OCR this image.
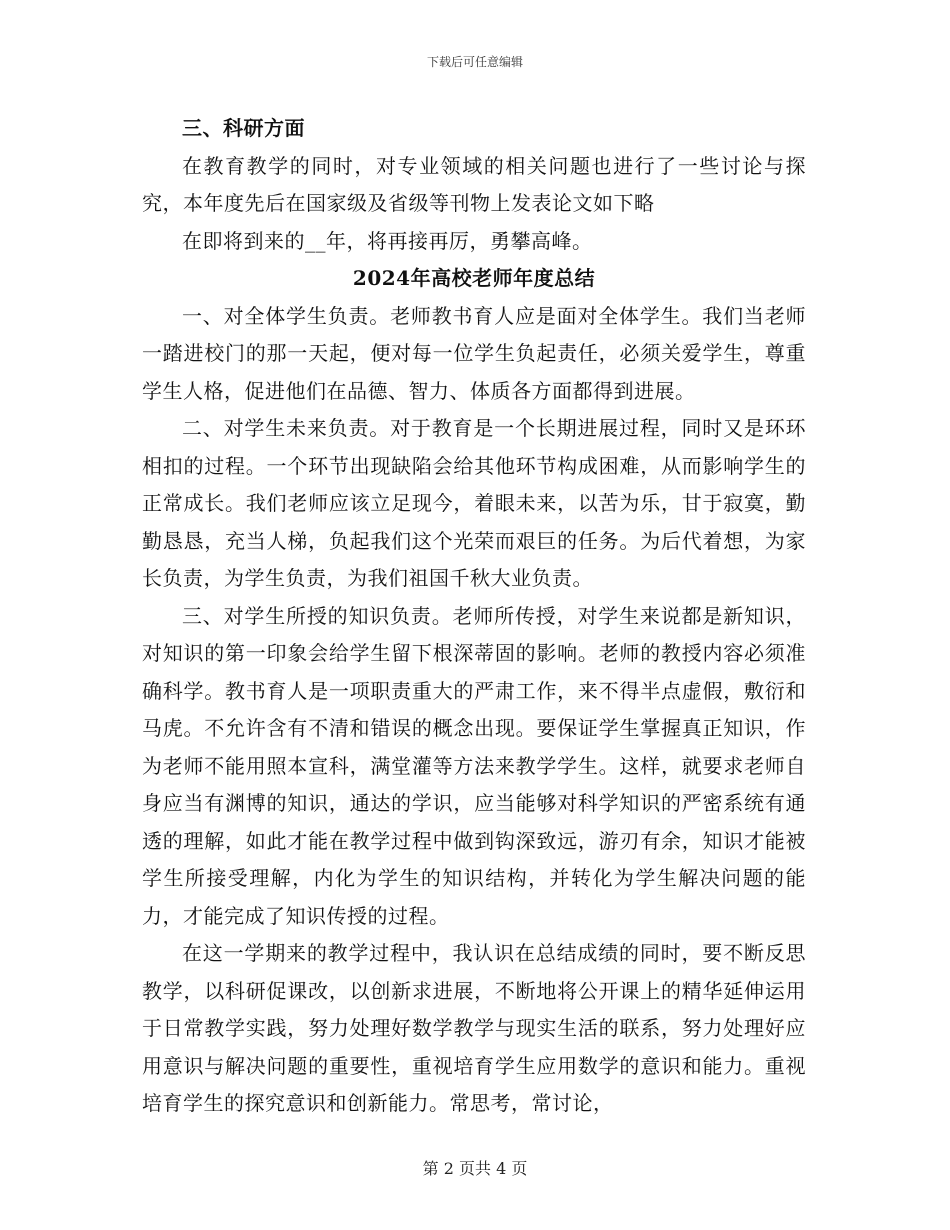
下载后可任意编辑

三、科研方面

在教育教学的同时，对专业领域的相关问题也进行了一些讨论与探究，本年度先后在国家级及省级等刊物上发表论文如下略

在即将到来的__年，将再接再厉，勇攀高峰。

2024年高校老师年度总结

一、对全体学生负责。老师教书育人应是面对全体学生。我们当老师一踏进校门的那一天起，便对每一位学生负起责任，必须关爱学生，尊重学生人格，促进他们在品德、智力、体质各方面都得到进展。

二、对学生未来负责。对于教育是一个长期进展过程，同时又是环环相扣的过程。一个环节出现缺陷会给其他环节构成困难，从而影响学生的正常成长。我们老师应该立足现今，着眼未来，以苦为乐，甘于寂寞，勤勤恳恳，充当人梯，负起我们这个光荣而艰巨的任务。为后代着想，为家长负责，为学生负责，为我们祖国千秋大业负责。

三、对学生所授的知识负责。老师所传授，对学生来说都是新知识，对知识的第一印象会给学生留下根深蒂固的影响。老师的教授内容必须准确科学。教书育人是一项职责重大的严肃工作，来不得半点虚假，敷衍和马虎。不允许含有不清和错误的概念出现。要保证学生掌握真正知识，作为老师不能用照本宣科，满堂灌等方法来教学学生。这样，就要求老师自身应当有渊博的知识，通达的学识，应当能够对科学知识的严密系统有通透的理解，如此才能在教学过程中做到钩深致远，游刃有余，知识才能被学生所接受理解，内化为学生的知识结构，并转化为学生解决问题的能力，才能完成了知识传授的过程。

在这一学期来的教学过程中，我认识在总结成绩的同时，要不断反思教学，以科研促课改，以创新求进展，不断地将公开课上的精华延伸运用于日常教学实践，努力处理好数学教学与现实生活的联系，努力处理好应用意识与解决问题的重要性，重视培育学生应用数学的意识和能力。重视培育学生的探究意识和创新能力。常思考，常讨论，

第 2 页共 4 页
